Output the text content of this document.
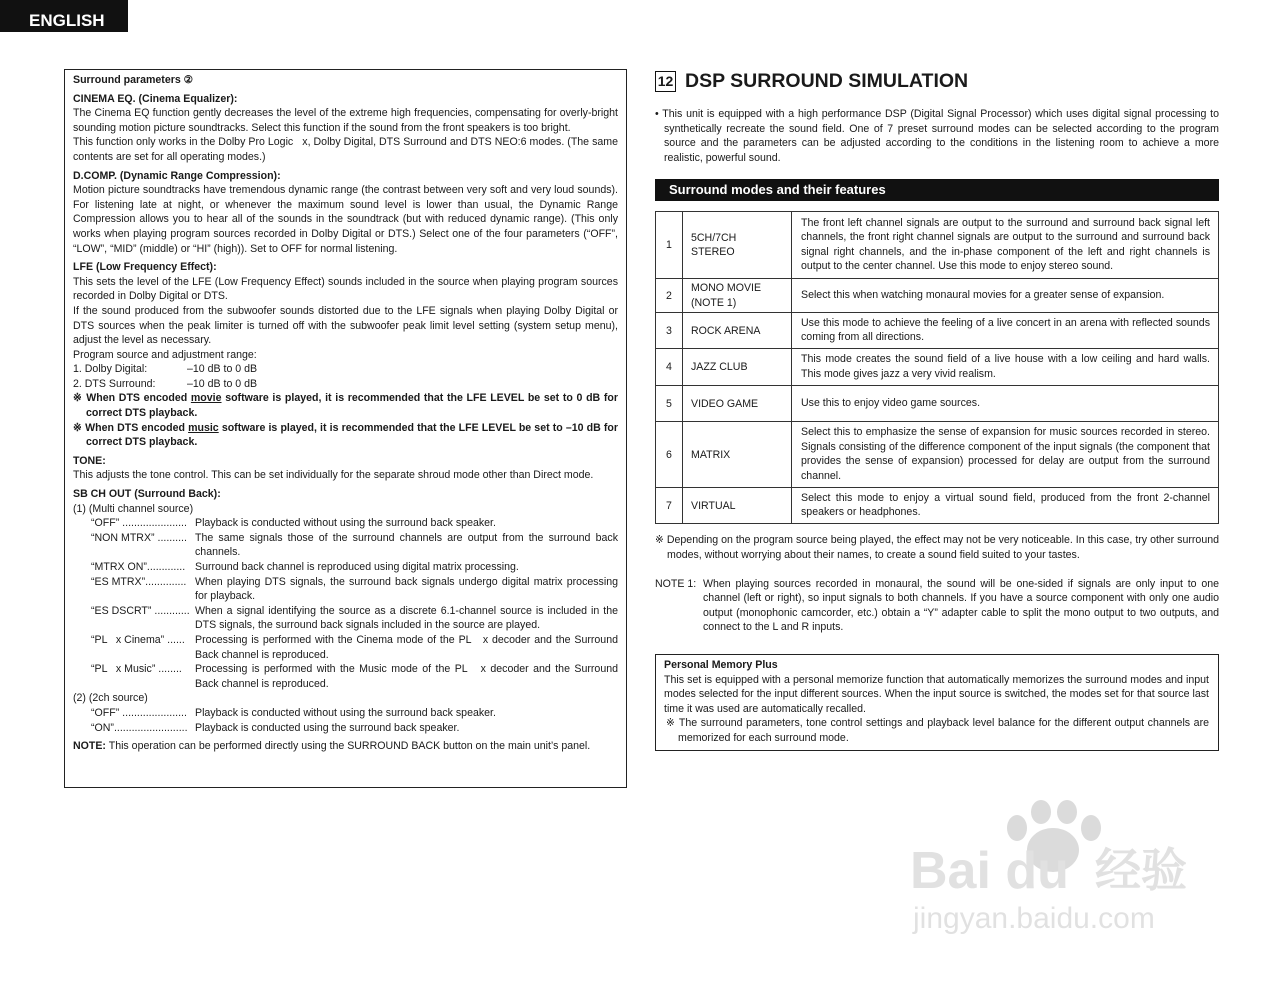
ENGLISH

Surround parameters ②

CINEMA EQ. (Cinema Equalizer):

The Cinema EQ function gently decreases the level of the extreme high frequencies, compensating for overly-bright sounding motion picture soundtracks. Select this function if the sound from the front speakers is too bright.

This function only works in the Dolby Pro Logic   x, Dolby Digital, DTS Surround and DTS NEO:6 modes. (The same contents are set for all operating modes.)

D.COMP. (Dynamic Range Compression):

Motion picture soundtracks have tremendous dynamic range (the contrast between very soft and very loud sounds). For listening late at night, or whenever the maximum sound level is lower than usual, the Dynamic Range Compression allows you to hear all of the sounds in the soundtrack (but with reduced dynamic range). (This only works when playing program sources recorded in Dolby Digital or DTS.) Select one of the four parameters (“OFF”, “LOW”, “MID” (middle) or “HI” (high)). Set to OFF for normal listening.

LFE (Low Frequency Effect):

This sets the level of the LFE (Low Frequency Effect) sounds included in the source when playing program sources recorded in Dolby Digital or DTS.

If the sound produced from the subwoofer sounds distorted due to the LFE signals when playing Dolby Digital or DTS sources when the peak limiter is turned off with the subwoofer peak limit level setting (system setup menu), adjust the level as necessary.

Program source and adjustment range:

1. Dolby Digital:	–10 dB to 0 dB
2. DTS Surround:	–10 dB to 0 dB

※ When DTS encoded movie software is played, it is recommended that the LFE LEVEL be set to 0 dB for correct DTS playback.

※ When DTS encoded music software is played, it is recommended that the LFE LEVEL be set to –10 dB for correct DTS playback.

TONE:

This adjusts the tone control. This can be set individually for the separate shroud mode other than Direct mode.

SB CH OUT (Surround Back):

(1) (Multi channel source)

“OFF” ...................... Playback is conducted without using the surround back speaker.
“NON MTRX” .......... The same signals those of the surround channels are output from the surround back channels.
“MTRX ON”............. Surround back channel is reproduced using digital matrix processing.
“ES MTRX”.............. When playing DTS signals, the surround back signals undergo digital matrix processing for playback.
“ES DSCRT” ............ When a signal identifying the source as a discrete 6.1-channel source is included in the DTS signals, the surround back signals included in the source are played.
“PL   x Cinema” ...... Processing is performed with the Cinema mode of the PL   x decoder and the Surround Back channel is reproduced.
“PL   x Music” ........	Processing is performed with the Music mode of the PL   x decoder and the Surround Back channel is reproduced.

(2) (2ch source)

“OFF” ...................... Playback is conducted without using the surround back speaker.
“ON”......................... Playback is conducted using the surround back speaker.

NOTE: This operation can be performed directly using the SURROUND BACK button on the main unit’s panel.

12 DSP SURROUND SIMULATION

• This unit is equipped with a high performance DSP (Digital Signal Processor) which uses digital signal processing to synthetically recreate the sound field. One of 7 preset surround modes can be selected according to the program source and the parameters can be adjusted according to the conditions in the listening room to achieve a more realistic, powerful sound.

Surround modes and their features
1	5CH/7CH
STEREO	The front left channel signals are output to the surround and surround back signal left channels, the front right channel signals are output to the surround and surround back signal right channels, and the in-phase component of the left and right channels is output to the center channel. Use this mode to enjoy stereo sound.
2	MONO MOVIE
(NOTE 1)	Select this when watching monaural movies for a greater sense of expansion.
3	ROCK ARENA	Use this mode to achieve the feeling of a live concert in an arena with reflected sounds coming from all directions.
4	JAZZ CLUB	This mode creates the sound field of a live house with a low ceiling and hard walls. This mode gives jazz a very vivid realism.
5	VIDEO GAME	Use this to enjoy video game sources.
6	MATRIX	Select this to emphasize the sense of expansion for music sources recorded in stereo. Signals consisting of the difference component of the input signals (the component that provides the sense of expansion) processed for delay are output from the surround channel.
7	VIRTUAL	Select this mode to enjoy a virtual sound field, produced from the front 2-channel speakers or headphones.

※ Depending on the program source being played, the effect may not be very noticeable. In this case, try other surround modes, without worrying about their names, to create a sound field suited to your tastes.

NOTE 1: When playing sources recorded in monaural, the sound will be one-sided if signals are only input to one channel (left or right), so input signals to both channels. If you have a source component with only one audio output (monophonic camcorder, etc.) obtain a “Y” adapter cable to split the mono output to two outputs, and connect to the L and R inputs.

Personal Memory Plus

This set is equipped with a personal memorize function that automatically memorizes the surround modes and input modes selected for the input different sources. When the input source is switched, the modes set for that source last time it was used are automatically recalled.

※ The surround parameters, tone control settings and playback level balance for the different output channels are memorized for each surround mode.

Bai du 经验
jingyan.baidu.com
